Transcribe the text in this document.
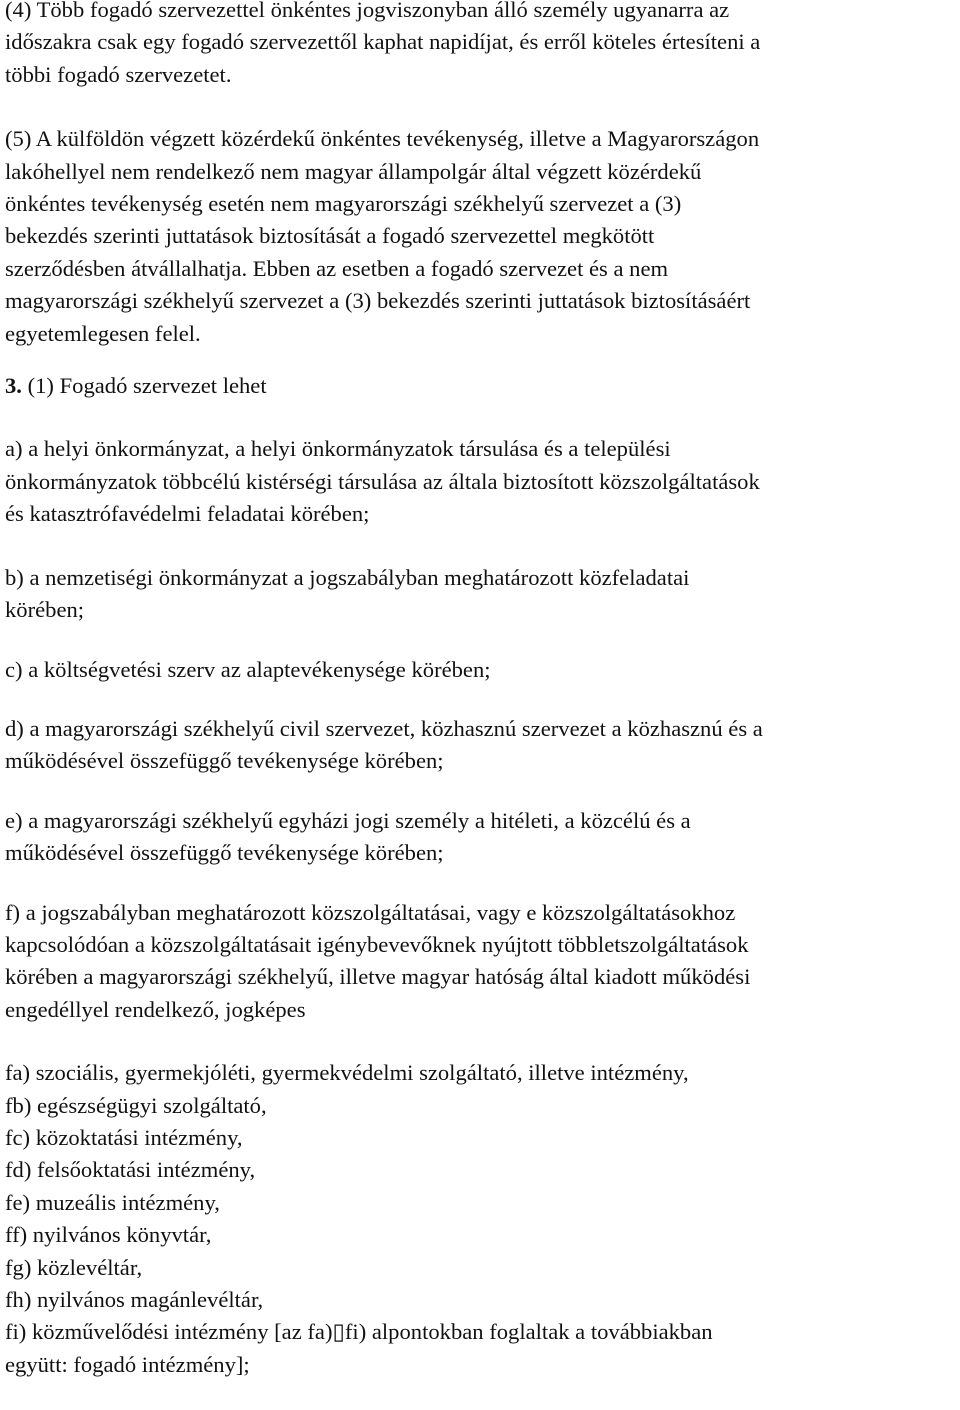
(4) Több fogadó szervezettel önkéntes jogviszonyban álló személy ugyanarra az
időszakra csak egy fogadó szervezettől kaphat napidíjat, és erről köteles értesíteni a
többi fogadó szervezetet.

(5) A külföldön végzett közérdekű önkéntes tevékenység, illetve a Magyarországon
lakóhellyel nem rendelkező nem magyar állampolgár által végzett közérdekű
önkéntes tevékenység esetén nem magyarországi székhelyű szervezet a (3)
bekezdés szerinti juttatások biztosítását a fogadó szervezettel megkötött
szerződésben átvállalhatja. Ebben az esetben a fogadó szervezet és a nem
magyarországi székhelyű szervezet a (3) bekezdés szerinti juttatások biztosításáért
egyetemlegesen felel.

3. (1) Fogadó szervezet lehet

a) a helyi önkormányzat, a helyi önkormányzatok társulása és a települési
önkormányzatok többcélú kistérségi társulása az általa biztosított közszolgáltatások
és katasztrófavédelmi feladatai körében;

b) a nemzetiségi önkormányzat a jogszabályban meghatározott közfeladatai
körében;

c) a költségvetési szerv az alaptevékenysége körében;

d) a magyarországi székhelyű civil szervezet, közhasznú szervezet a közhasznú és a
működésével összefüggő tevékenysége körében;

e) a magyarországi székhelyű egyházi jogi személy a hitéleti, a közcélú és a
működésével összefüggő tevékenysége körében;

f) a jogszabályban meghatározott közszolgáltatásai, vagy e közszolgáltatásokhoz
kapcsolódóan a közszolgáltatásait igénybevevőknek nyújtott többletszolgáltatások
körében a magyarországi székhelyű, illetve magyar hatóság által kiadott működési
engedéllyel rendelkező, jogképes

fa) szociális, gyermekjóléti, gyermekvédelmi szolgáltató, illetve intézmény,

fb) egészségügyi szolgáltató,

fc) közoktatási intézmény,

fd) felsőoktatási intézmény,

fe) muzeális intézmény,

ff) nyilvános könyvtár,

fg) közlevéltár,

fh) nyilvános magánlevéltár,

fi) közművelődési intézmény [az fa)▯fi) alpontokban foglaltak a továbbiakban
együtt: fogadó intézmény];
